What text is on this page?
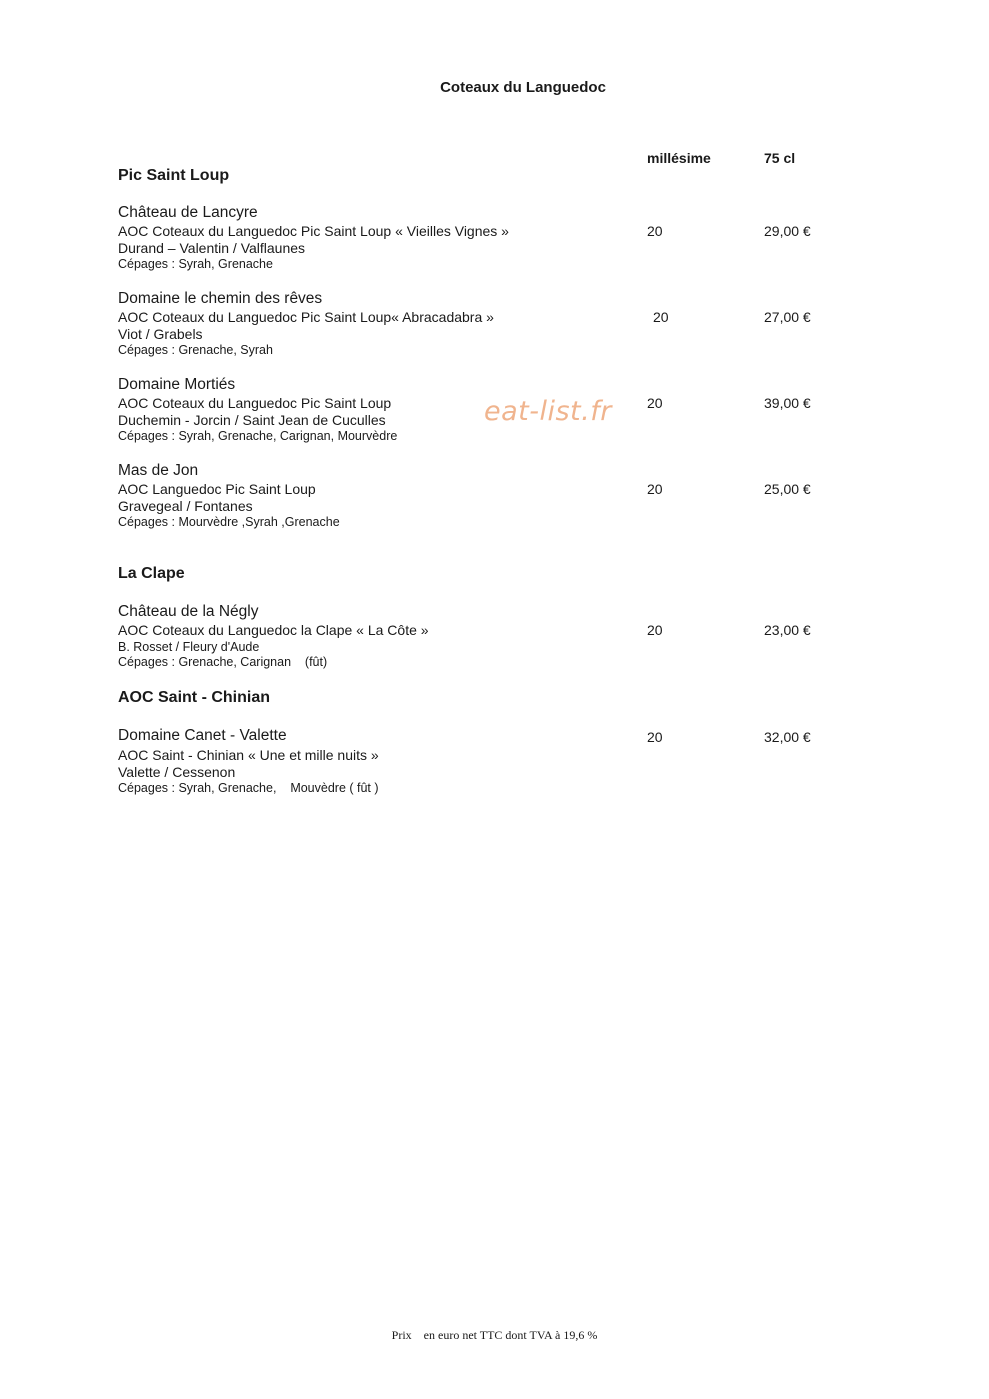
Coteaux du Languedoc
millésime	75 cl
Pic Saint Loup
Château de Lancyre
AOC Coteaux du Languedoc Pic Saint Loup « Vieilles Vignes »
Durand – Valentin / Valflaunes
Cépages : Syrah, Grenache
20	29,00 €
Domaine le chemin des rêves
AOC Coteaux du Languedoc Pic Saint Loup« Abracadabra »
Viot / Grabels
Cépages : Grenache, Syrah
20	27,00 €
Domaine Mortiés
AOC Coteaux du Languedoc Pic Saint Loup
Duchemin - Jorcin / Saint Jean de Cuculles
Cépages : Syrah, Grenache, Carignan, Mourvèdre
20	39,00 €
eat-list.fr
Mas de Jon
AOC Languedoc Pic Saint Loup
Gravegeal / Fontanes
Cépages : Mourvèdre ,Syrah ,Grenache
20	25,00 €
La Clape
Château de la Négly
AOC Coteaux du Languedoc la Clape « La Côte »
B. Rosset / Fleury d'Aude
Cépages : Grenache, Carignan    (fût)
20	23,00 €
AOC Saint - Chinian
Domaine Canet - Valette
AOC Saint - Chinian « Une et mille nuits »
Valette / Cessenon
Cépages : Syrah, Grenache,    Mouvèdre ( fût )
20	32,00 €
Prix    en euro net TTC dont TVA à 19,6 %
